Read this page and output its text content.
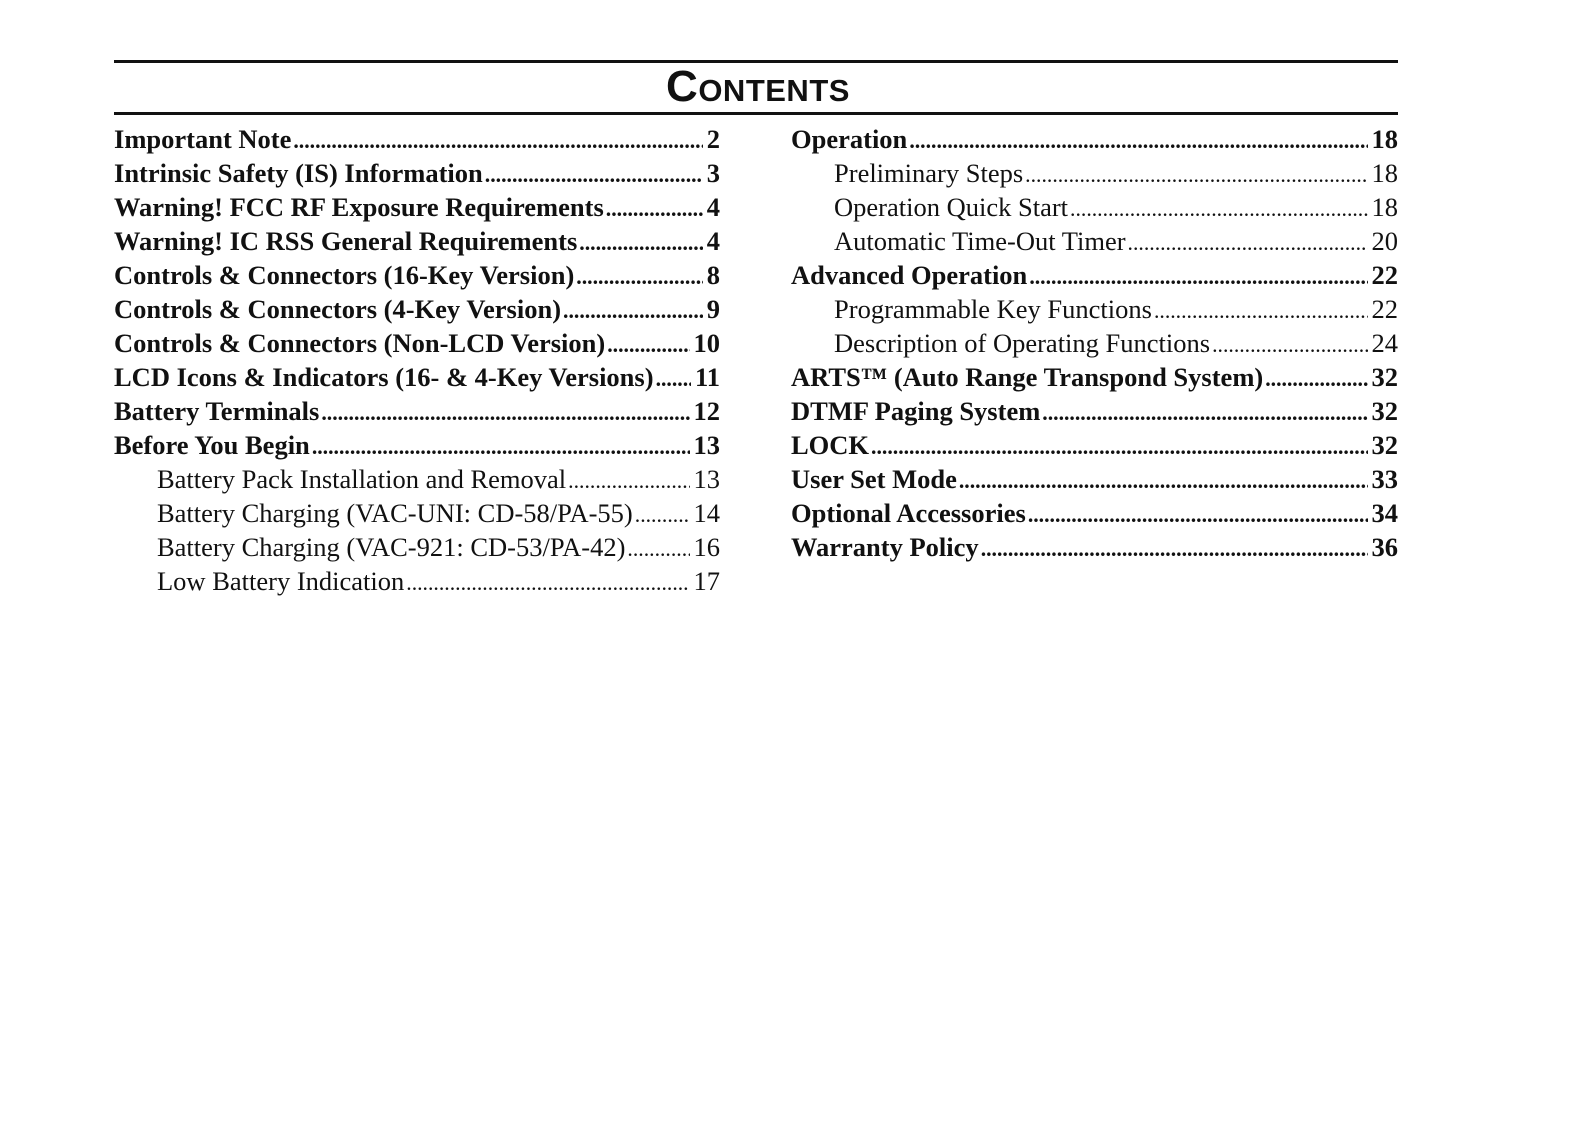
Contents
Important Note .....	2
Intrinsic Safety (IS) Information .....	3
Warning! FCC RF Exposure Requirements .....	4
Warning! IC RSS General Requirements .....	4
Controls & Connectors (16-Key Version) .....	8
Controls & Connectors (4-Key Version) .....	9
Controls & Connectors (Non-LCD Version) .....	10
LCD Icons & Indicators (16- & 4-Key Versions) ..... 11
Battery Terminals .....	12
Before You Begin .....	13
Battery Pack Installation and Removal .....	13
Battery Charging (VAC-UNI: CD-58/PA-55) ..... 14
Battery Charging (VAC-921: CD-53/PA-42) .....	16
Low Battery Indication .....	17
Operation .....	18
Preliminary Steps .....	18
Operation Quick Start .....	18
Automatic Time-Out Timer .....	20
Advanced Operation .....	22
Programmable Key Functions .....	22
Description of Operating Functions .....	24
ARTS™ (Auto Range Transpond System) .....	32
DTMF Paging System .....	32
LOCK .....	32
User Set Mode .....	33
Optional Accessories .....	34
Warranty Policy .....	36
